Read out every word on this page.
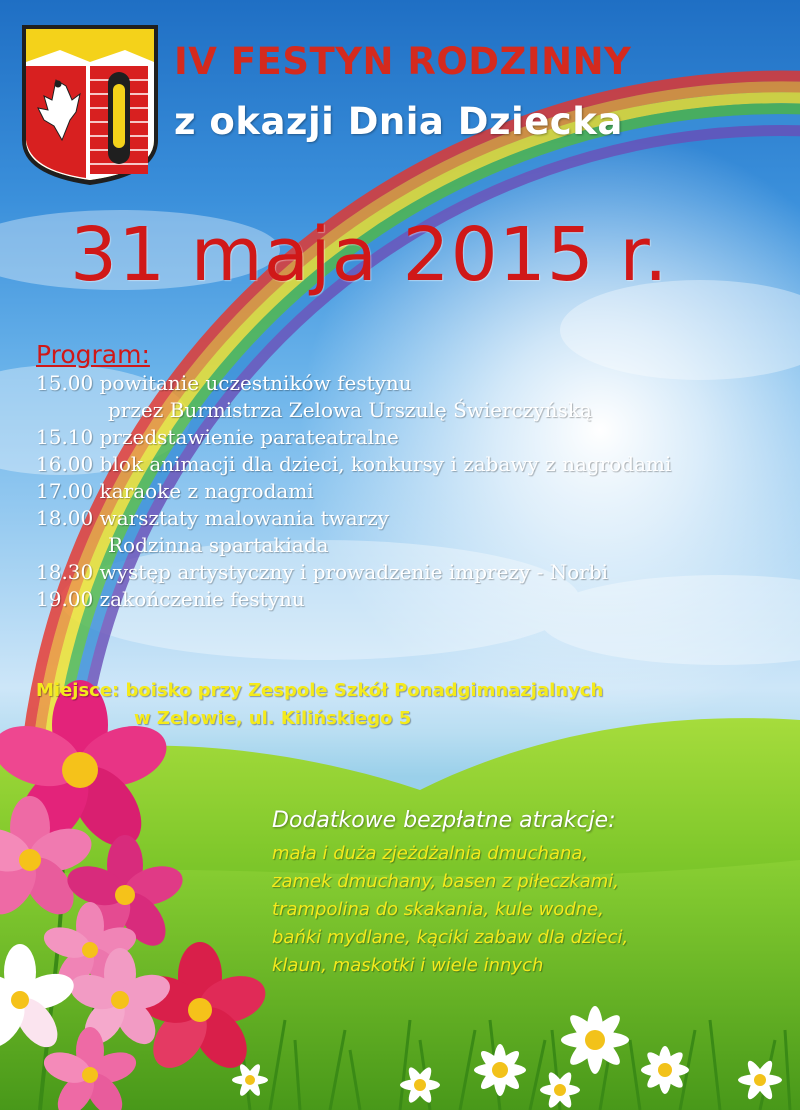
IV FESTYN RODZINNY
z okazji Dnia Dziecka
31 maja 2015 r.
Program:
15.00 powitanie uczestników festynu
przez Burmistrza Zelowa Urszulę Świerczyńską
15.10 przedstawienie parateatralne
16.00 blok animacji dla dzieci, konkursy i zabawy z nagrodami
17.00 karaoke z nagrodami
18.00 warsztaty malowania twarzy
Rodzinna spartakiada
18.30 występ artystyczny i prowadzenie imprezy - Norbi
19.00 zakończenie festynu
Miejsce: boisko przy Zespole Szkół Ponadgimnazjalnych
w Zelowie, ul. Kilińskiego 5
Dodatkowe bezpłatne atrakcje:
mała i duża zjeżdżalnia dmuchana,
zamek dmuchany, basen z piłeczkami,
trampolina do skakania, kule wodne,
bańki mydlane, kąciki zabaw dla dzieci,
klaun, maskotki i wiele innych
